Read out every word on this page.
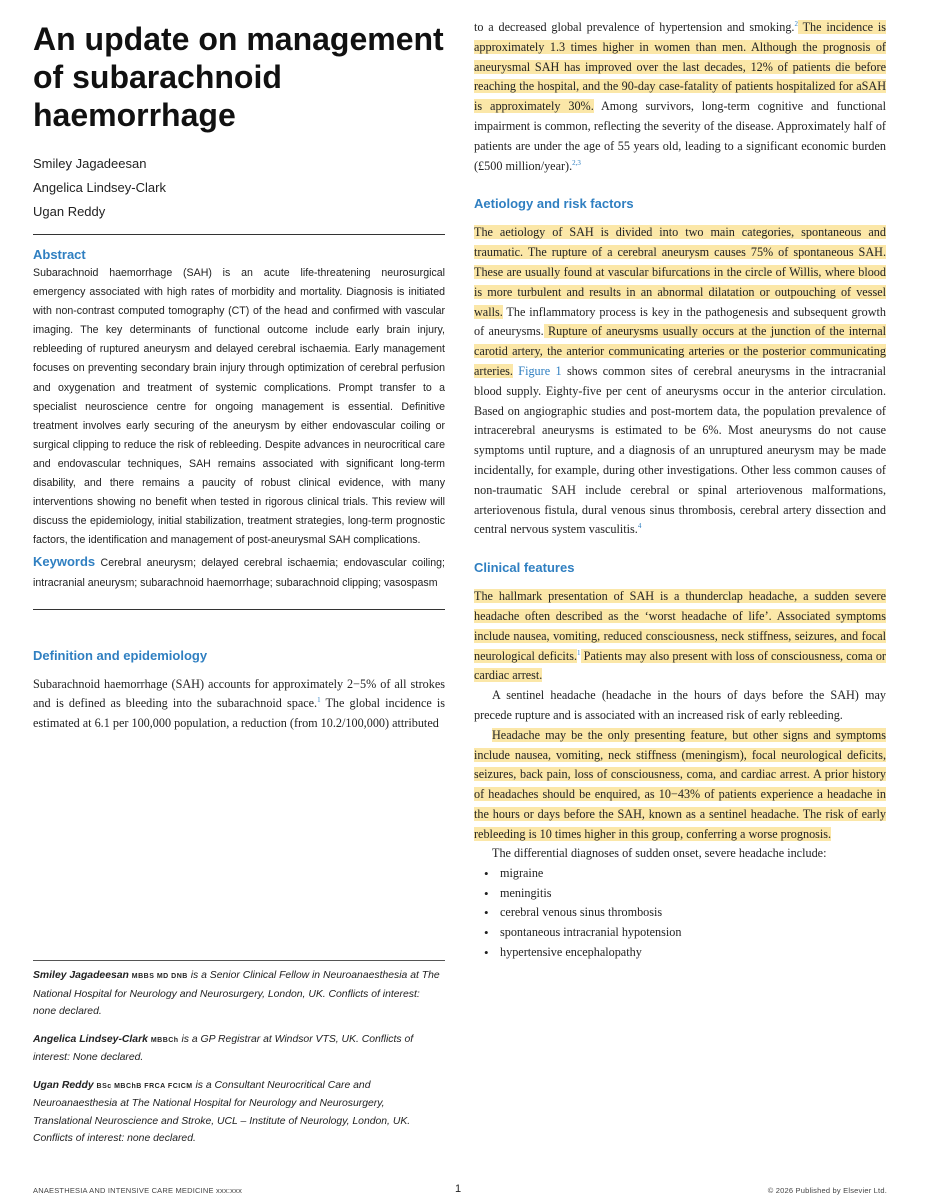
An update on management of subarachnoid haemorrhage
Smiley Jagadeesan
Angelica Lindsey-Clark
Ugan Reddy
Abstract

Subarachnoid haemorrhage (SAH) is an acute life-threatening neurosurgical emergency associated with high rates of morbidity and mortality. Diagnosis is initiated with non-contrast computed tomography (CT) of the head and confirmed with vascular imaging. The key determinants of functional outcome include early brain injury, rebleeding of ruptured aneurysm and delayed cerebral ischaemia. Early management focuses on preventing secondary brain injury through optimization of cerebral perfusion and oxygenation and treatment of systemic complications. Prompt transfer to a specialist neuroscience centre for ongoing management is essential. Definitive treatment involves early securing of the aneurysm by either endovascular coiling or surgical clipping to reduce the risk of rebleeding. Despite advances in neurocritical care and endovascular techniques, SAH remains associated with significant long-term disability, and there remains a paucity of robust clinical evidence, with many interventions showing no benefit when tested in rigorous clinical trials. This review will discuss the epidemiology, initial stabilization, treatment strategies, long-term prognostic factors, the identification and management of post-aneurysmal SAH complications.

Keywords Cerebral aneurysm; delayed cerebral ischaemia; endovascular coiling; intracranial aneurysm; subarachnoid haemorrhage; subarachnoid clipping; vasospasm

Definition and epidemiology

Subarachnoid haemorrhage (SAH) accounts for approximately 2−5% of all strokes and is defined as bleeding into the subarachnoid space.$^1$ The global incidence is estimated at 6.1 per 100,000 population, a reduction (from 10.2/100,000) attributed

Smiley Jagadeesan MBBS MD DNB is a Senior Clinical Fellow in Neuroanaesthesia at The National Hospital for Neurology and Neurosurgery, London, UK. Conflicts of interest: none declared.

Angelica Lindsey-Clark MBBCh is a GP Registrar at Windsor VTS, UK. Conflicts of interest: None declared.

Ugan Reddy BSc MBChB FRCA FCICM is a Consultant Neurocritical Care and Neuroanaesthesia at The National Hospital for Neurology and Neurosurgery, Translational Neuroscience and Stroke, UCL – Institute of Neurology, London, UK. Conflicts of interest: none declared.

to a decreased global prevalence of hypertension and smoking.$^2$ The incidence is approximately 1.3 times higher in women than men. Although the prognosis of aneurysmal SAH has improved over the last decades, 12% of patients die before reaching the hospital, and the 90-day case-fatality of patients hospitalized for aSAH is approximately 30%. Among survivors, long-term cognitive and functional impairment is common, reflecting the severity of the disease. Approximately half of patients are under the age of 55 years old, leading to a significant economic burden (£500 million/year).$^{2,3}$

Aetiology and risk factors

The aetiology of SAH is divided into two main categories, spontaneous and traumatic. The rupture of a cerebral aneurysm causes 75% of spontaneous SAH. These are usually found at vascular bifurcations in the circle of Willis, where blood is more turbulent and results in an abnormal dilatation or outpouching of vessel walls. The inflammatory process is key in the pathogenesis and subsequent growth of aneurysms. Rupture of aneurysms usually occurs at the junction of the internal carotid artery, the anterior communicating arteries or the posterior communicating arteries. Figure 1 shows common sites of cerebral aneurysms in the intracranial blood supply. Eighty-five per cent of aneurysms occur in the anterior circulation. Based on angiographic studies and post-mortem data, the population prevalence of intracerebral aneurysms is estimated to be 6%. Most aneurysms do not cause symptoms until rupture, and a diagnosis of an unruptured aneurysm may be made incidentally, for example, during other investigations. Other less common causes of non-traumatic SAH include cerebral or spinal arteriovenous malformations, arteriovenous fistula, dural venous sinus thrombosis, cerebral artery dissection and central nervous system vasculitis.$^4$

Clinical features

The hallmark presentation of SAH is a thunderclap headache, a sudden severe headache often described as the ‘worst headache of life’. Associated symptoms include nausea, vomiting, reduced consciousness, neck stiffness, seizures, and focal neurological deficits.$^1$ Patients may also present with loss of consciousness, coma or cardiac arrest.

A sentinel headache (headache in the hours of days before the SAH) may precede rupture and is associated with an increased risk of early rebleeding.

Headache may be the only presenting feature, but other signs and symptoms include nausea, vomiting, neck stiffness (meningism), focal neurological deficits, seizures, back pain, loss of consciousness, coma, and cardiac arrest. A prior history of headaches should be enquired, as 10−43% of patients experience a headache in the hours or days before the SAH, known as a sentinel headache. The risk of early rebleeding is 10 times higher in this group, conferring a worse prognosis.

The differential diagnoses of sudden onset, severe headache include:

• migraine
• meningitis
• cerebral venous sinus thrombosis
• spontaneous intracranial hypotension
• hypertensive encephalopathy
ANAESTHESIA AND INTENSIVE CARE MEDICINE xxx:xxx	1	© 2026 Published by Elsevier Ltd.
